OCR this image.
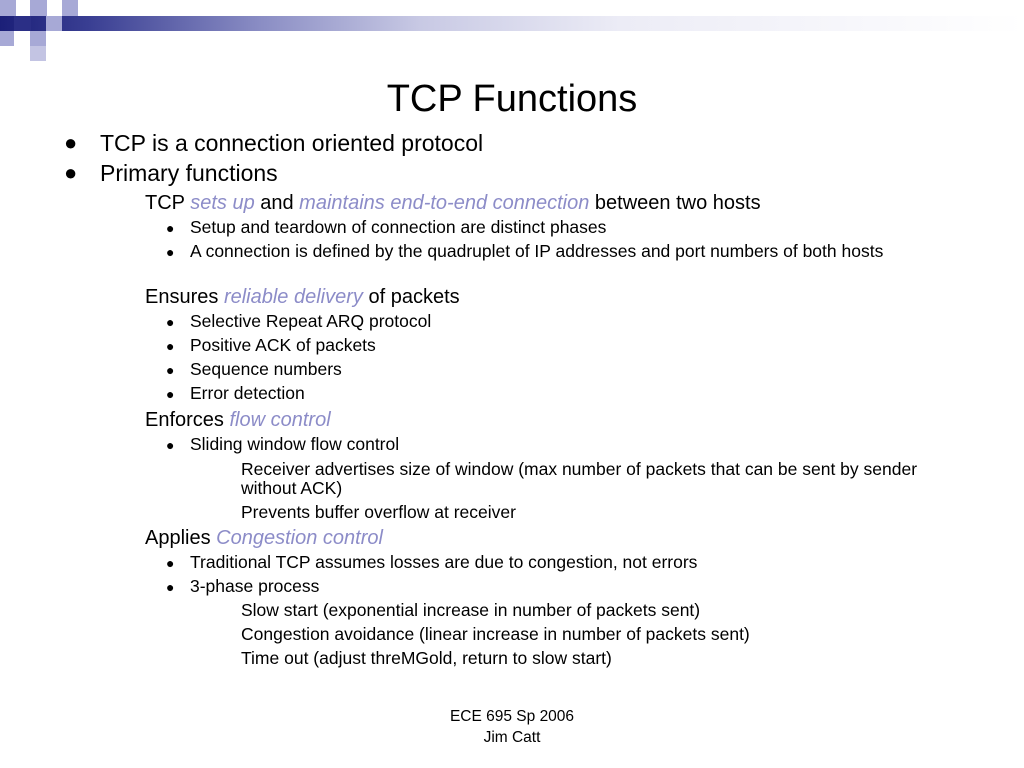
TCP Functions
● TCP is a connection oriented protocol
● Primary functions
TCP sets up and maintains end-to-end connection between two hosts
● Setup and teardown of connection are distinct phases
● A connection is defined by the quadruplet of IP addresses and port numbers of both hosts
Ensures reliable delivery of packets
● Selective Repeat ARQ protocol
● Positive ACK of packets
● Sequence numbers
● Error detection
Enforces flow control
● Sliding window flow control
Receiver advertises size of window (max number of packets that can be sent by sender without ACK)
Prevents buffer overflow at receiver
Applies Congestion control
● Traditional TCP assumes losses are due to congestion, not errors
● 3-phase process
Slow start (exponential increase in number of packets sent)
Congestion avoidance (linear increase in number of packets sent)
Time out (adjust threMGold, return to slow start)
ECE 695 Sp 2006
Jim Catt
